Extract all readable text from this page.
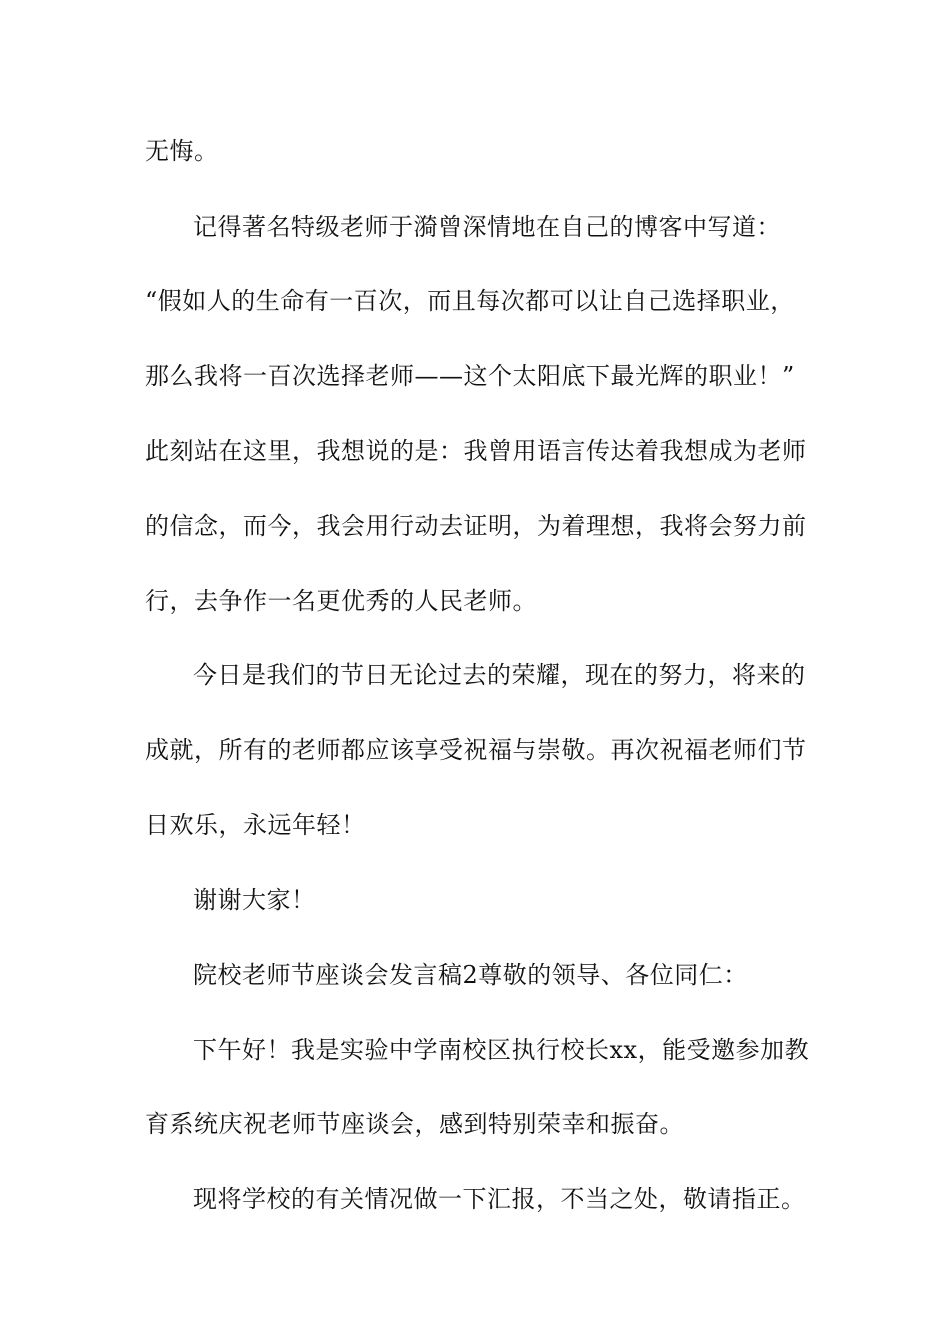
无悔。
记得著名特级老师于漪曾深情地在自己的博客中写道：
“假如人的生命有一百次，而且每次都可以让自己选择职业，
那么我将一百次选择老师——这个太阳底下最光辉的职业！”
此刻站在这里，我想说的是：我曾用语言传达着我想成为老师
的信念，而今，我会用行动去证明，为着理想，我将会努力前
行，去争作一名更优秀的人民老师。
今日是我们的节日无论过去的荣耀，现在的努力，将来的
成就，所有的老师都应该享受祝福与崇敬。再次祝福老师们节
日欢乐，永远年轻！
谢谢大家！
院校老师节座谈会发言稿2尊敬的领导、各位同仁：
下午好！我是实验中学南校区执行校长xx，能受邀参加教
育系统庆祝老师节座谈会，感到特别荣幸和振奋。
现将学校的有关情况做一下汇报，不当之处，敬请指正。
